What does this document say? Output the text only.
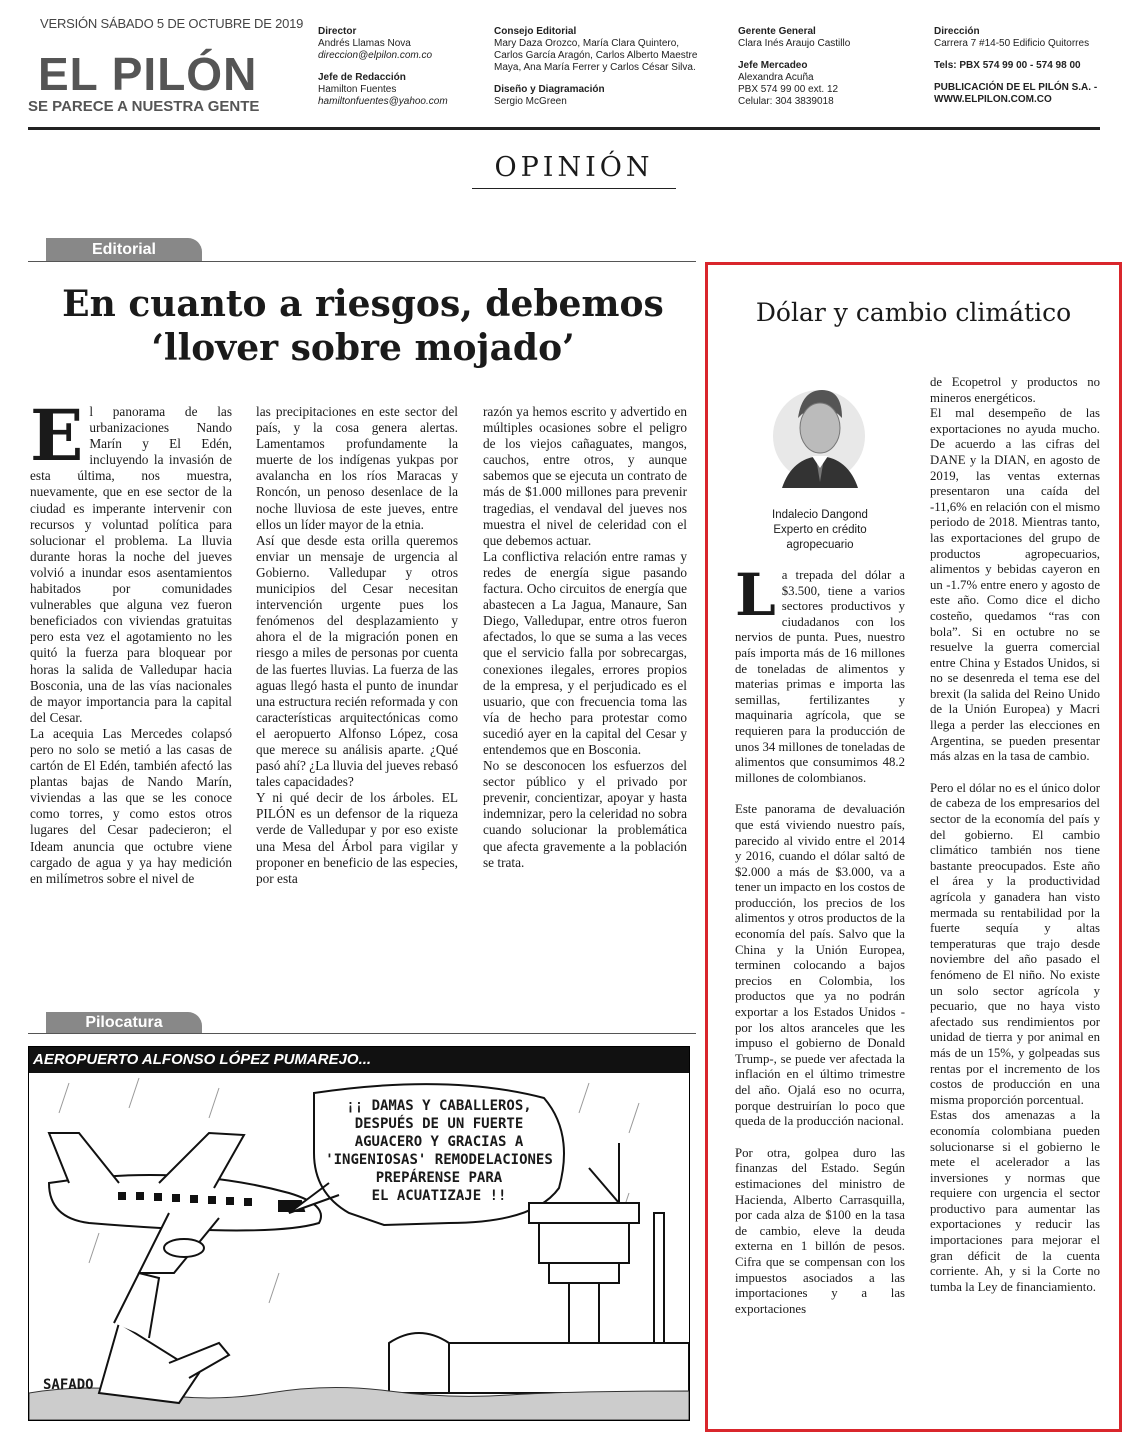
VERSIÓN SÁBADO 5 DE OCTUBRE DE 2019
EL PILÓN
SE PARECE A NUESTRA GENTE
Director
Andrés Llamas Nova
direccion@elpilon.com.co
Jefe de Redacción
Hamilton Fuentes
hamiltonfuentes@yahoo.com
Consejo Editorial
Mary Daza Orozco, María Clara Quintero,
Carlos García Aragón, Carlos Alberto Maestre
Maya, Ana María Ferrer y Carlos César Silva.
Diseño y Diagramación
Sergio McGreen
Gerente General
Clara Inés Araujo Castillo
Jefe Mercadeo
Alexandra Acuña
PBX 574 99 00 ext. 12
Celular: 304 3839018
Dirección
Carrera 7 #14-50 Edificio Quitorres
Tels: PBX 574 99 00 - 574 98 00
PUBLICACIÓN DE EL PILÓN S.A. -
WWW.ELPILON.COM.CO
OPINIÓN
Editorial
En cuanto a riesgos, debemos
‘llover sobre mojado’
E l panorama de las urbanizaciones Nando Marín y El Edén, incluyendo la invasión de esta última, nos muestra, nuevamente, que en ese sector de la ciudad es imperante intervenir con recursos y voluntad política para solucionar el problema. La lluvia durante horas la noche del jueves volvió a inundar esos asentamientos habitados por comunidades vulnerables que alguna vez fueron beneficiados con viviendas gratuitas pero esta vez el agotamiento no les quitó la fuerza para bloquear por horas la salida de Valledupar hacia Bosconia, una de las vías nacionales de mayor importancia para la capital del Cesar.

La acequia Las Mercedes colapsó pero no solo se metió a las casas de cartón de El Edén, también afectó las plantas bajas de Nando Marín, viviendas a las que se les conoce como torres, y como estos otros lugares del Cesar padecieron; el Ideam anuncia que octubre viene cargado de agua y ya hay medición en milímetros sobre el nivel de

las precipitaciones en este sector del país, y la cosa genera alertas. Lamentamos profundamente la muerte de los indígenas yukpas por avalancha en los ríos Maracas y Roncón, un penoso desenlace de la noche lluviosa de este jueves, entre ellos un líder mayor de la etnia.

Así que desde esta orilla queremos enviar un mensaje de urgencia al Gobierno. Valledupar y otros municipios del Cesar necesitan intervención urgente pues los fenómenos del desplazamiento y ahora el de la migración ponen en riesgo a miles de personas por cuenta de las fuertes lluvias. La fuerza de las aguas llegó hasta el punto de inundar una estructura recién reformada y con características arquitectónicas como el aeropuerto Alfonso López, cosa que merece su análisis aparte. ¿Qué pasó ahí? ¿La lluvia del jueves rebasó tales capacidades?

Y ni qué decir de los árboles. EL PILÓN es un defensor de la riqueza verde de Valledupar y por eso existe una Mesa del Árbol para vigilar y proponer en beneficio de las especies, por esta

razón ya hemos escrito y advertido en múltiples ocasiones sobre el peligro de los viejos cañaguates, mangos, cauchos, entre otros, y aunque sabemos que se ejecuta un contrato de más de $1.000 millones para prevenir tragedias, el vendaval del jueves nos muestra el nivel de celeridad con el que debemos actuar.

La conflictiva relación entre ramas y redes de energía sigue pasando factura. Ocho circuitos de energía que abastecen a La Jagua, Manaure, San Diego, Valledupar, entre otros fueron afectados, lo que se suma a las veces que el servicio falla por sobrecargas, conexiones ilegales, errores propios de la empresa, y el perjudicado es el usuario, que con frecuencia toma las vía de hecho para protestar como sucedió ayer en la capital del Cesar y entendemos que en Bosconia.

No se desconocen los esfuerzos del sector público y el privado por prevenir, concientizar, apoyar y hasta indemnizar, pero la celeridad no sobra cuando solucionar la problemática que afecta gravemente a la población se trata.

Pilocatura
AEROPUERTO ALFONSO LÓPEZ PUMAREJO...
¡¡ DAMAS Y CABALLEROS,
DESPUÉS DE UN FUERTE
AGUACERO Y GRACIAS A
'INGENIOSAS' REMODELACIONES
PREPÁRENSE PARA
EL ACUATIZAJE !!
SAFADO
Dólar y cambio climático
Indalecio Dangond
Experto en crédito
agropecuario
L a trepada del dólar a $3.500, tiene a varios sectores productivos y ciudadanos con los nervios de punta. Pues, nuestro país importa más de 16 millones de toneladas de alimentos y materias primas e importa las semillas, fertilizantes y maquinaria agrícola, que se requieren para la producción de unos 34 millones de toneladas de alimentos que consumimos 48.2 millones de colombianos.

Este panorama de devaluación que está viviendo nuestro país, parecido al vivido entre el 2014 y 2016, cuando el dólar saltó de $2.000 a más de $3.000, va a tener un impacto en los costos de producción, los precios de los alimentos y otros productos de la economía del país. Salvo que la China y la Unión Europea, terminen colocando a bajos precios en Colombia, los productos que ya no podrán exportar a los Estados Unidos -por los altos aranceles que les impuso el gobierno de Donald Trump-, se puede ver afectada la inflación en el último trimestre del año. Ojalá eso no ocurra, porque destruirían lo poco que queda de la producción nacional.

Por otra, golpea duro las finanzas del Estado. Según estimaciones del ministro de Hacienda, Alberto Carrasquilla, por cada alza de $100 en la tasa de cambio, eleve la deuda externa en 1 billón de pesos. Cifra que se compensan con los impuestos asociados a las importaciones y a las exportaciones

de Ecopetrol y productos no mineros energéticos.

El mal desempeño de las exportaciones no ayuda mucho. De acuerdo a las cifras del DANE y la DIAN, en agosto de 2019, las ventas externas presentaron una caída del -11,6% en relación con el mismo periodo de 2018. Mientras tanto, las exportaciones del grupo de productos agropecuarios, alimentos y bebidas cayeron en un -1.7% entre enero y agosto de este año. Como dice el dicho costeño, quedamos “ras con bola”. Si en octubre no se resuelve la guerra comercial entre China y Estados Unidos, si no se desenreda el tema ese del brexit (la salida del Reino Unido de la Unión Europea) y Macri llega a perder las elecciones en Argentina, se pueden presentar más alzas en la tasa de cambio.

Pero el dólar no es el único dolor de cabeza de los empresarios del sector de la economía del país y del gobierno. El cambio climático también nos tiene bastante preocupados. Este año el área y la productividad agrícola y ganadera han visto mermada su rentabilidad por la fuerte sequía y altas temperaturas que trajo desde noviembre del año pasado el fenómeno de El niño. No existe un solo sector agrícola y pecuario, que no haya visto afectado sus rendimientos por unidad de tierra y por animal en más de un 15%, y golpeadas sus rentas por el incremento de los costos de producción en una misma proporción porcentual.

Estas dos amenazas a la economía colombiana pueden solucionarse si el gobierno le mete el acelerador a las inversiones y normas que requiere con urgencia el sector productivo para aumentar las exportaciones y reducir las importaciones para mejorar el gran déficit de la cuenta corriente. Ah, y si la Corte no tumba la Ley de financiamiento.
